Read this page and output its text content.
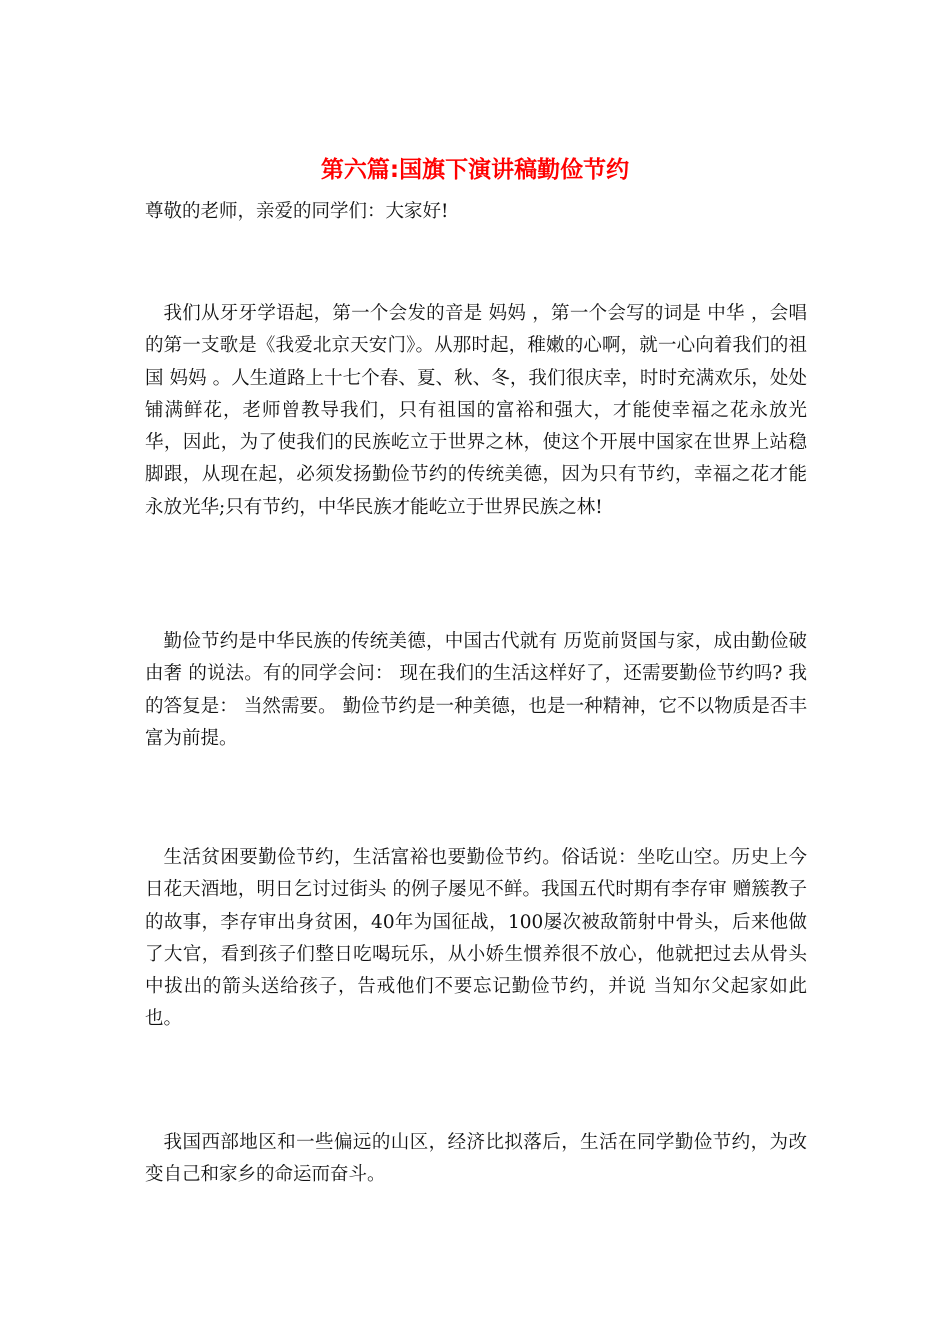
第六篇:国旗下演讲稿勤俭节约

尊敬的老师，亲爱的同学们：大家好!

我们从牙牙学语起，第一个会发的音是 妈妈 ，第一个会写的词是 中华 ，会唱的第一支歌是《我爱北京天安门》。从那时起，稚嫩的心啊，就一心向着我们的祖国 妈妈 。人生道路上十七个春、夏、秋、冬，我们很庆幸，时时充满欢乐，处处铺满鲜花，老师曾教导我们，只有祖国的富裕和强大，才能使幸福之花永放光华，因此，为了使我们的民族屹立于世界之林，使这个开展中国家在世界上站稳脚跟，从现在起，必须发扬勤俭节约的传统美德，因为只有节约，幸福之花才能永放光华;只有节约，中华民族才能屹立于世界民族之林!

勤俭节约是中华民族的传统美德，中国古代就有 历览前贤国与家，成由勤俭破由奢 的说法。有的同学会问： 现在我们的生活这样好了，还需要勤俭节约吗? 我的答复是： 当然需要。 勤俭节约是一种美德，也是一种精神，它不以物质是否丰富为前提。

生活贫困要勤俭节约，生活富裕也要勤俭节约。俗话说：坐吃山空。历史上今日花天酒地，明日乞讨过街头 的例子屡见不鲜。我国五代时期有李存审 赠簇教子 的故事，李存审出身贫困，40年为国征战，100屡次被敌箭射中骨头，后来他做了大官，看到孩子们整日吃喝玩乐，从小娇生惯养很不放心，他就把过去从骨头中拔出的箭头送给孩子，告戒他们不要忘记勤俭节约，并说 当知尔父起家如此也。

我国西部地区和一些偏远的山区，经济比拟落后，生活在同学勤俭节约，为改变自己和家乡的命运而奋斗。
